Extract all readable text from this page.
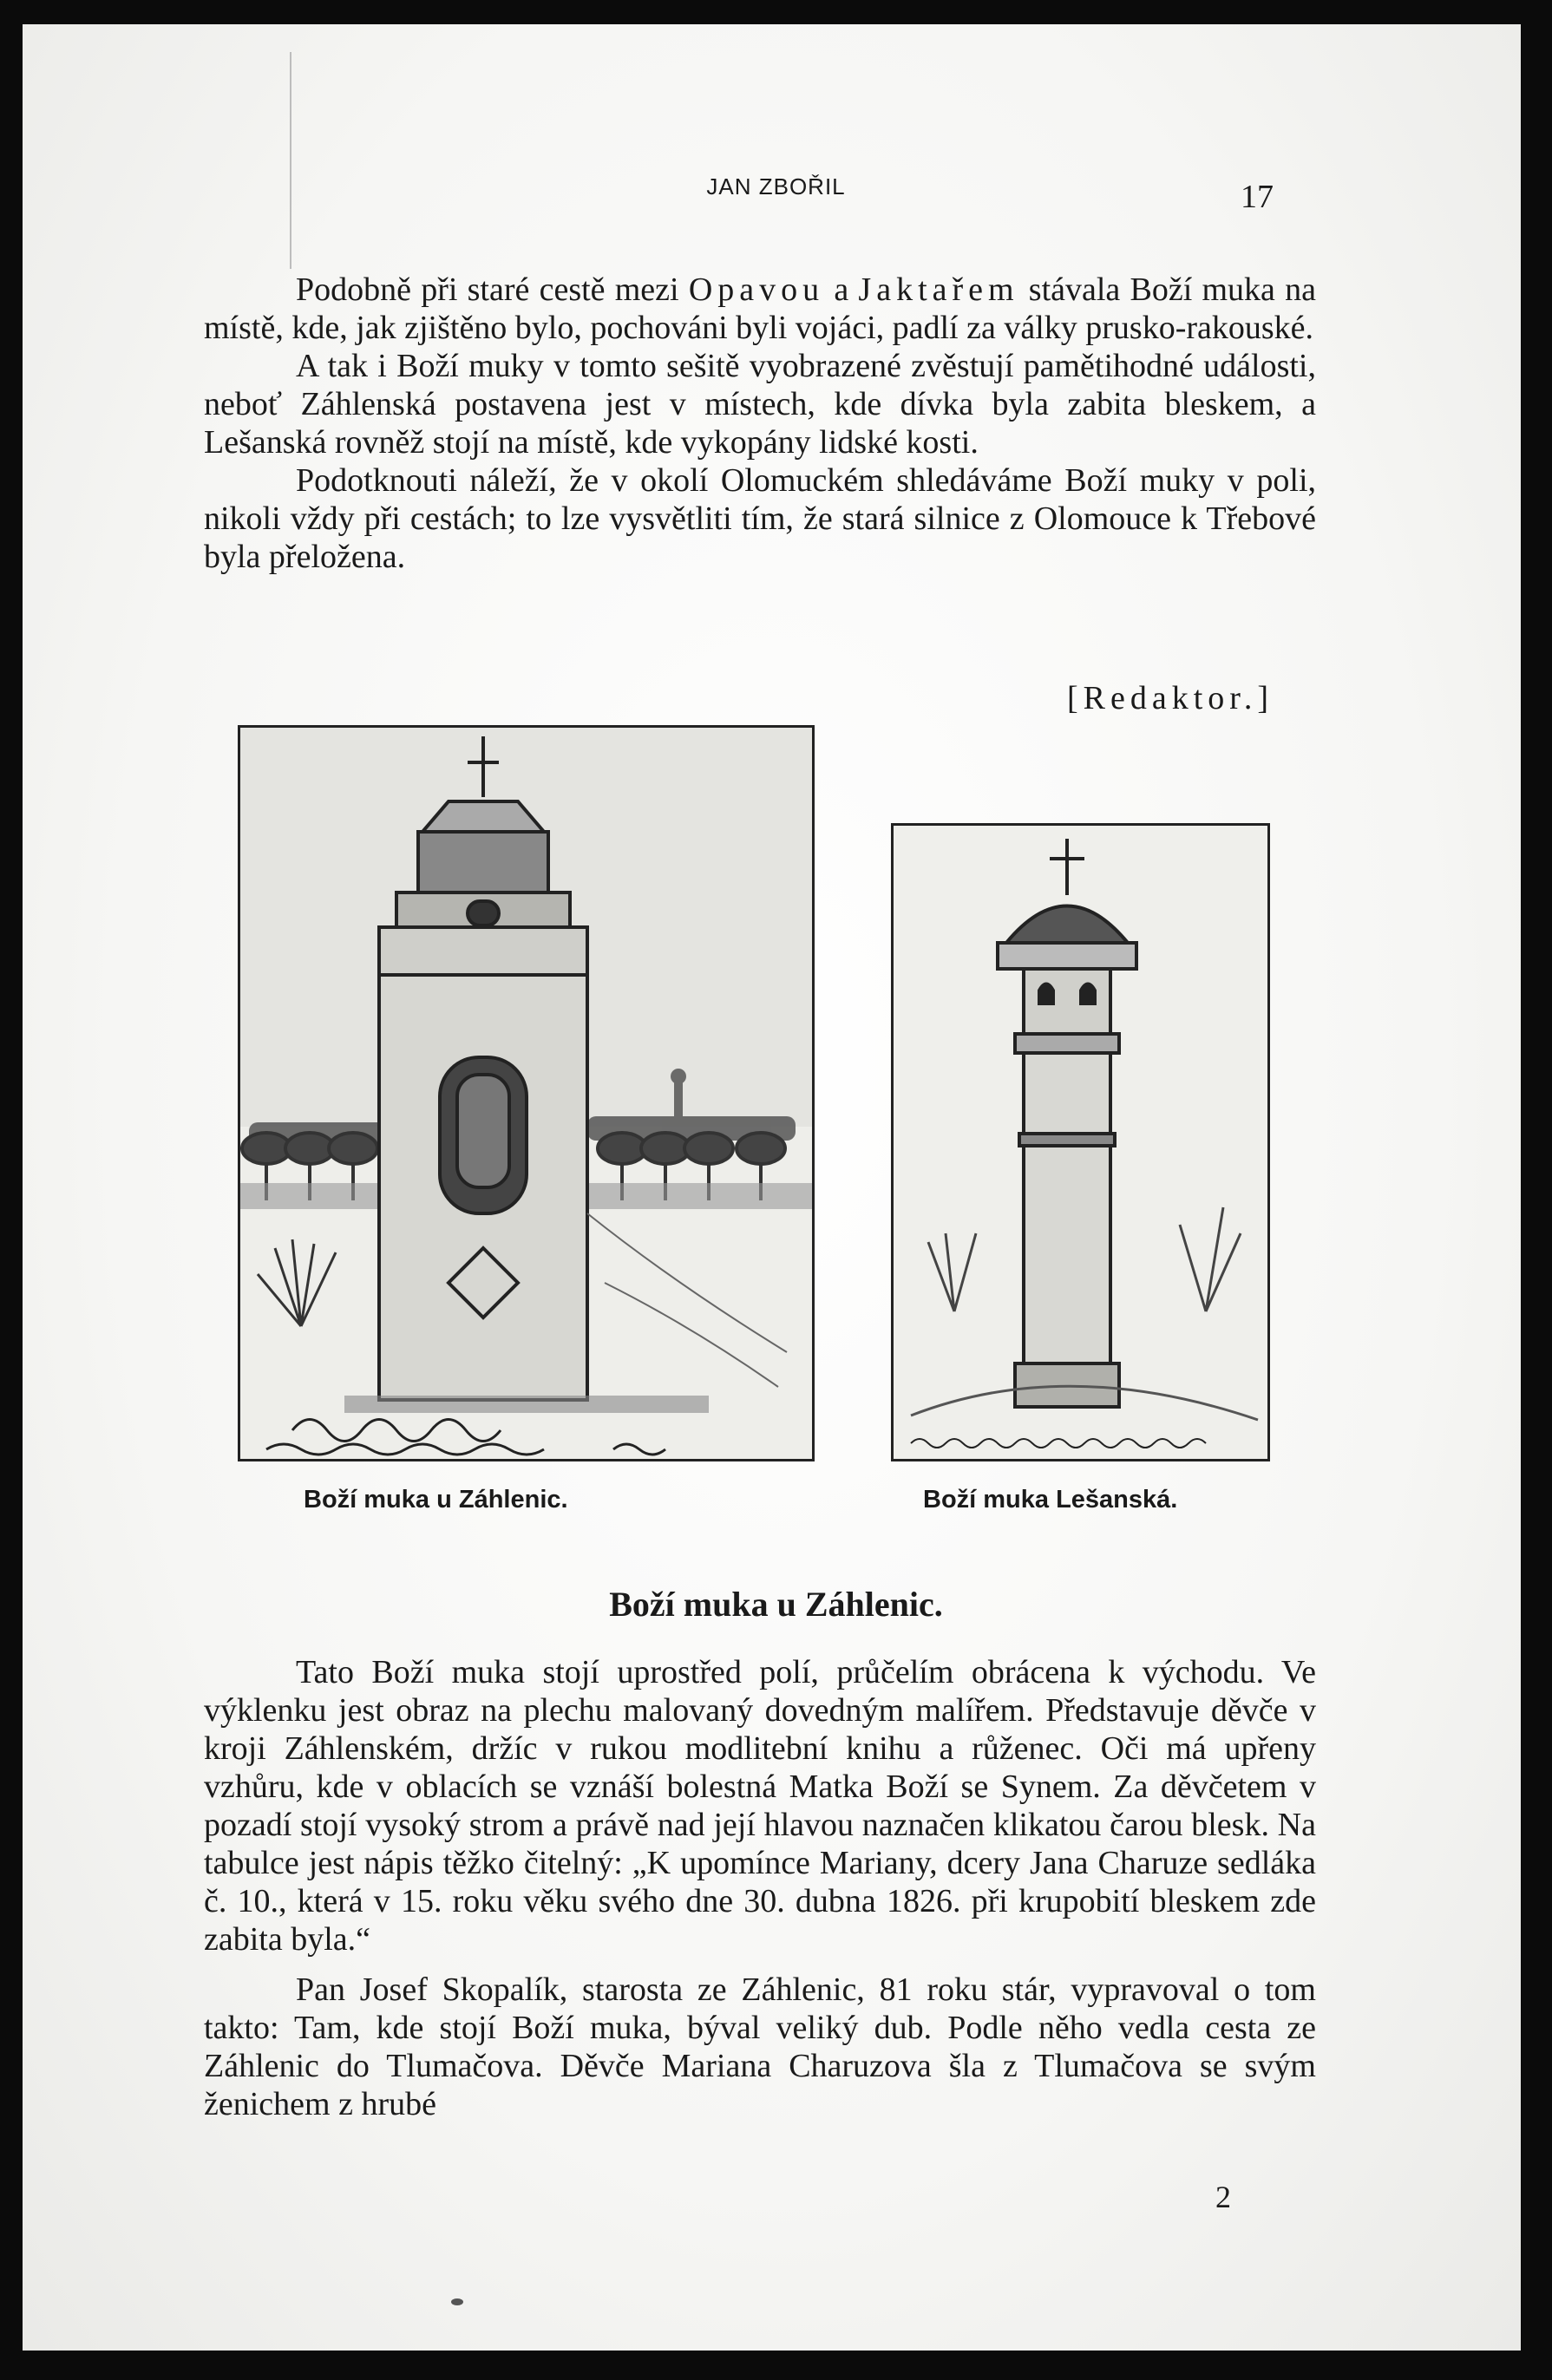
JAN ZBOŘIL	17

Podobně při staré cestě mezi Opavou a Jaktařem stávala Boží muka na místě, kde, jak zjištěno bylo, pochováni byli vojáci, padlí za války prusko-rakouské.

A tak i Boží muky v tomto sešitě vyobrazené zvěstují pamětihodné události, neboť Záhlenská postavena jest v místech, kde dívka byla zabita bleskem, a Lešanská rovněž stojí na místě, kde vykopány lidské kosti.

Podotknouti náleží, že v okolí Olomuckém shledáváme Boží muky v poli, nikoli vždy při cestách; to lze vysvětliti tím, že stará silnice z Olomouce k Třebové byla přeložena.

[Redaktor.]
Boží muka u Záhlenic.	Boží muka Lešanská.
Boží muka u Záhlenic.

Tato Boží muka stojí uprostřed polí, průčelím obrácena k východu. Ve výklenku jest obraz na plechu malovaný dovedným malířem. Představuje děvče v kroji Záhlenském, držíc v rukou modlitební knihu a růženec. Oči má upřeny vzhůru, kde v oblacích se vznáší bolestná Matka Boží se Synem. Za děvčetem v pozadí stojí vysoký strom a právě nad její hlavou naznačen klikatou čarou blesk. Na tabulce jest nápis těžko čitelný: „K upomínce Mariany, dcery Jana Charuze sedláka č. 10., která v 15. roku věku svého dne 30. dubna 1826. při krupobití bleskem zde zabita byla.“

Pan Josef Skopalík, starosta ze Záhlenic, 81 roku stár, vypravoval o tom takto: Tam, kde stojí Boží muka, býval veliký dub. Podle něho vedla cesta ze Záhlenic do Tlumačova. Děvče Mariana Charuzova šla z Tlumačova se svým ženichem z hrubé

2
